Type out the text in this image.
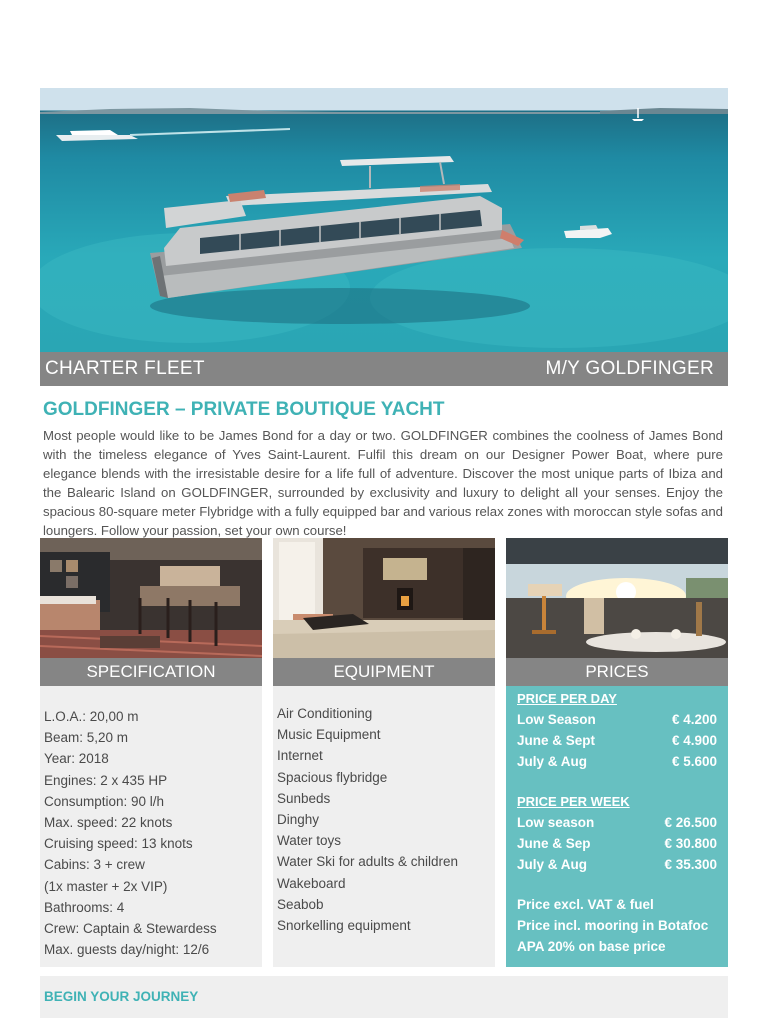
CHARTER FLEET	M/Y GOLDFINGER
GOLDFINGER – PRIVATE BOUTIQUE YACHT
Most people would like to be James Bond for a day or two. GOLDFINGER combines the coolness of James Bond with the timeless elegance of Yves Saint-Laurent. Fulfil this dream on our Designer Power Boat, where pure elegance blends with the irresistable desire for a life full of adventure. Discover the most unique parts of Ibiza and the Balearic Island on GOLDFINGER, surrounded by exclusivity and luxury to delight all your senses. Enjoy the spacious 80-square meter Flybridge with a fully equipped bar and various relax zones with moroccan style sofas and loungers. Follow your passion, set your own course!
SPECIFICATION
L.O.A.: 20,00 m
Beam: 5,20 m
Year: 2018
Engines: 2 x 435 HP
Consumption: 90 l/h
Max. speed: 22 knots
Cruising speed: 13 knots
Cabins: 3 + crew
(1x master + 2x VIP)
Bathrooms: 4
Crew: Captain & Stewardess
Max. guests day/night: 12/6
EQUIPMENT
Air Conditioning
Music Equipment
Internet
Spacious flybridge
Sunbeds
Dinghy
Water toys
Water Ski for adults & children
Wakeboard
Seabob
Snorkelling equipment
PRICES
PRICE PER DAY
Low Season	€ 4.200
June & Sept	€ 4.900
July & Aug	€ 5.600
PRICE PER WEEK
Low season	€ 26.500
June & Sep	€ 30.800
July & Aug	€ 35.300
Price excl. VAT & fuel
Price incl. mooring in Botafoc
APA 20% on base price
BEGIN YOUR JOURNEY
